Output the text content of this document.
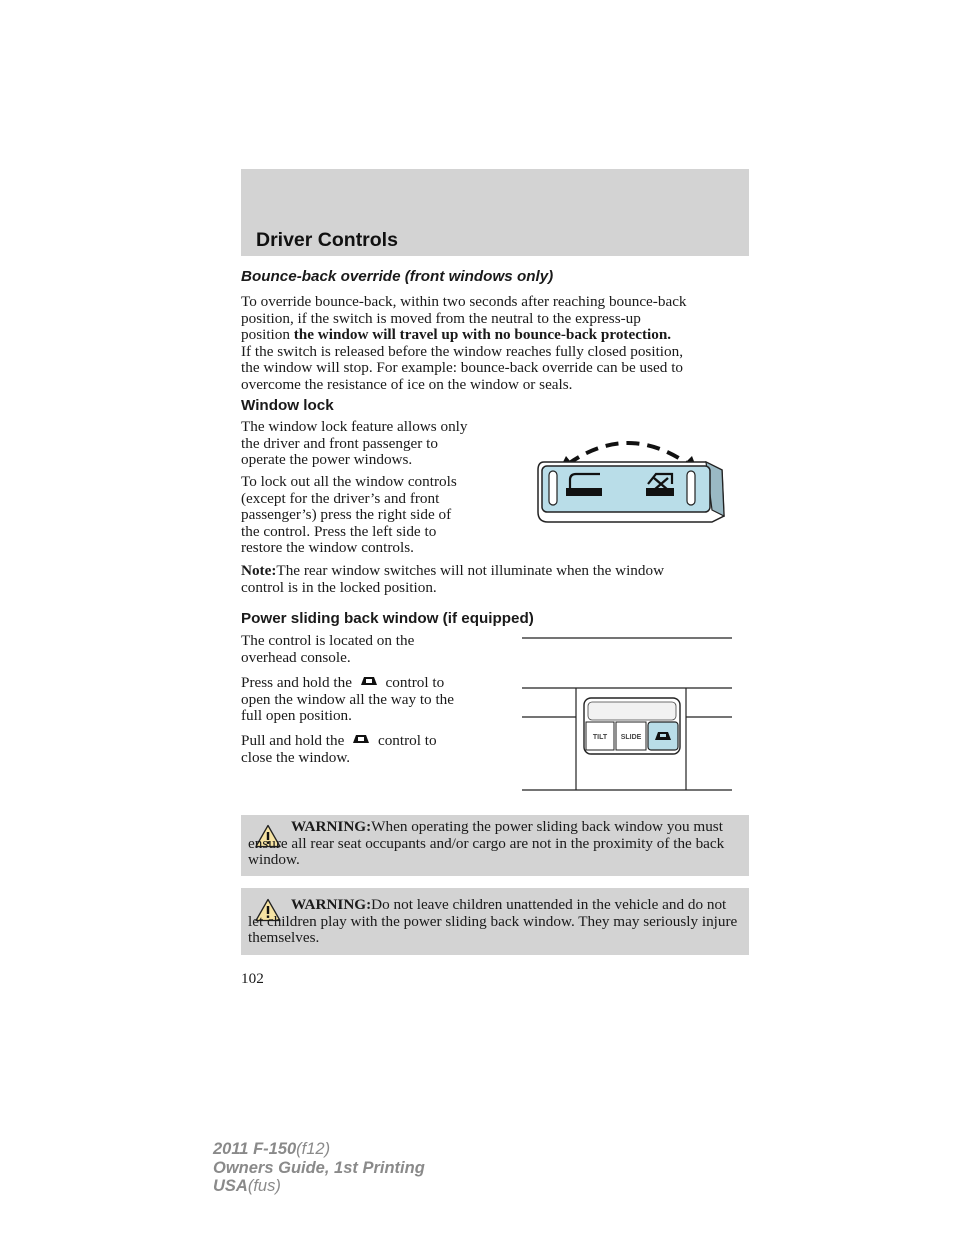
Driver Controls

Bounce-back override (front windows only)

To override bounce-back, within two seconds after reaching bounce-back
position, if the switch is moved from the neutral to the express-up
position the window will travel up with no bounce-back protection.
If the switch is released before the window reaches fully closed position,
the window will stop. For example: bounce-back override can be used to
overcome the resistance of ice on the window or seals.

Window lock

The window lock feature allows only
the driver and front passenger to
operate the power windows.
To lock out all the window controls
(except for the driver’s and front
passenger’s) press the right side of
the control. Press the left side to
restore the window controls.
Note:The rear window switches will not illuminate when the window
control is in the locked position.

Power sliding back window (if equipped)

The control is located on the
overhead console.
Press and hold the control to
open the window all the way to the
full open position.
Pull and hold the control to
close the window.
TILT SLIDE

WARNING:When operating the power sliding back window you must ensure all rear seat occupants and/or cargo are not in the proximity of the back window.

WARNING:Do not leave children unattended in the vehicle and do not let children play with the power sliding back window. They may seriously injure themselves.

102
2011 F-150(f12)
Owners Guide, 1st Printing
USA(fus)
